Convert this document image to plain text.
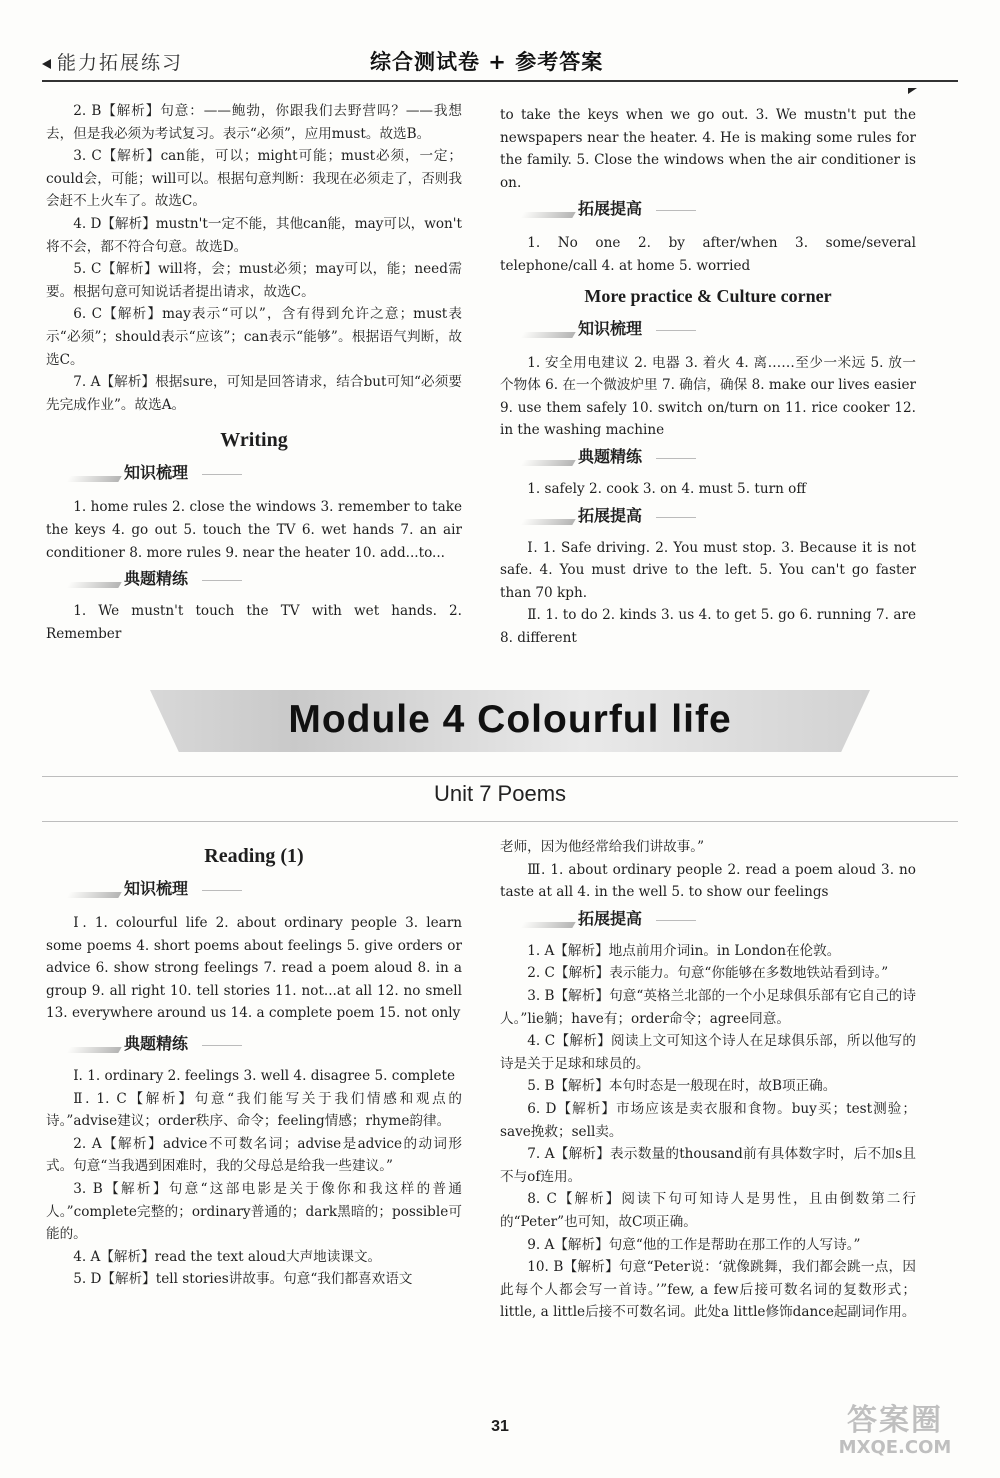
能力拓展练习	综合测试卷 + 参考答案

2. B【解析】句意：——鲍勃，你跟我们去野营吗？——我想去，但是我必须为考试复习。表示“必须”，应用must。故选B。

3. C【解析】can能，可以；might可能；must必须，一定；could会，可能；will可以。根据句意判断：我现在必须走了，否则我会赶不上火车了。故选C。

4. D【解析】mustn't一定不能，其他can能，may可以，won't将不会，都不符合句意。故选D。

5. C【解析】will将，会；must必须；may可以，能；need需要。根据句意可知说话者提出请求，故选C。

6. C【解析】may表示“可以”，含有得到允许之意；must表示“必须”；should表示“应该”；can表示“能够”。根据语气判断，故选C。

7. A【解析】根据sure，可知是回答请求，结合but可知“必须要先完成作业”。故选A。

Writing
知识梳理

1. home rules 2. close the windows 3. remember to take the keys 4. go out 5. touch the TV 6. wet hands 7. an air conditioner 8. more rules 9. near the heater 10. add...to...

典题精练

1. We mustn't touch the TV with wet hands. 2. Remember

to take the keys when we go out. 3. We mustn't put the newspapers near the heater. 4. He is making some rules for the family. 5. Close the windows when the air conditioner is on.

拓展提高

1. No one 2. by after/when 3. some/several telephone/call 4. at home 5. worried

More practice & Culture corner
知识梳理

1. 安全用电建议 2. 电器 3. 着火 4. 离……至少一米远 5. 放一个物体 6. 在一个微波炉里 7. 确信，确保 8. make our lives easier 9. use them safely 10. switch on/turn on 11. rice cooker 12. in the washing machine

典题精练

1. safely 2. cook 3. on 4. must 5. turn off

拓展提高

Ⅰ. 1. Safe driving. 2. You must stop. 3. Because it is not safe. 4. You must drive to the left. 5. You can't go faster than 70 kph.

Ⅱ. 1. to do 2. kinds 3. us 4. to get 5. go 6. running 7. are 8. different

Module 4 Colourful life
Unit 7 Poems
Reading (1)
知识梳理

Ⅰ. 1. colourful life 2. about ordinary people 3. learn some poems 4. short poems about feelings 5. give orders or advice 6. show strong feelings 7. read a poem aloud 8. in a group 9. all right 10. tell stories 11. not...at all 12. no smell 13. everywhere around us 14. a complete poem 15. not only

典题精练

Ⅰ. 1. ordinary 2. feelings 3. well 4. disagree 5. complete

Ⅱ. 1. C【解析】句意“我们能写关于我们情感和观点的诗。”advise建议；order秩序、命令；feeling情感；rhyme韵律。

2. A【解析】advice不可数名词；advise是advice的动词形式。句意“当我遇到困难时，我的父母总是给我一些建议。”

3. B【解析】句意“这部电影是关于像你和我这样的普通人。”complete完整的；ordinary普通的；dark黑暗的；possible可能的。

4. A【解析】read the text aloud大声地读课文。

5. D【解析】tell stories讲故事。句意“我们都喜欢语文

老师，因为他经常给我们讲故事。”

Ⅲ. 1. about ordinary people 2. read a poem aloud 3. no taste at all 4. in the well 5. to show our feelings

拓展提高

1. A【解析】地点前用介词in。in London在伦敦。

2. C【解析】表示能力。句意“你能够在多数地铁站看到诗。”

3. B【解析】句意“英格兰北部的一个小足球俱乐部有它自己的诗人。”lie躺；have有；order命令；agree同意。

4. C【解析】阅读上文可知这个诗人在足球俱乐部，所以他写的诗是关于足球和球员的。

5. B【解析】本句时态是一般现在时，故B项正确。

6. D【解析】市场应该是卖衣服和食物。buy买；test测验；save挽救；sell卖。

7. A【解析】表示数量的thousand前有具体数字时，后不加s且不与of连用。

8. C【解析】阅读下句可知诗人是男性，且由倒数第二行的“Peter”也可知，故C项正确。

9. A【解析】句意“他的工作是帮助在那工作的人写诗。”

10. B【解析】句意“Peter说：‘就像跳舞，我们都会跳一点，因此每个人都会写一首诗。’”few, a few后接可数名词的复数形式；little, a little后接不可数名词。此处a little修饰dance起副词作用。

31	答案圈
MXQE.COM
